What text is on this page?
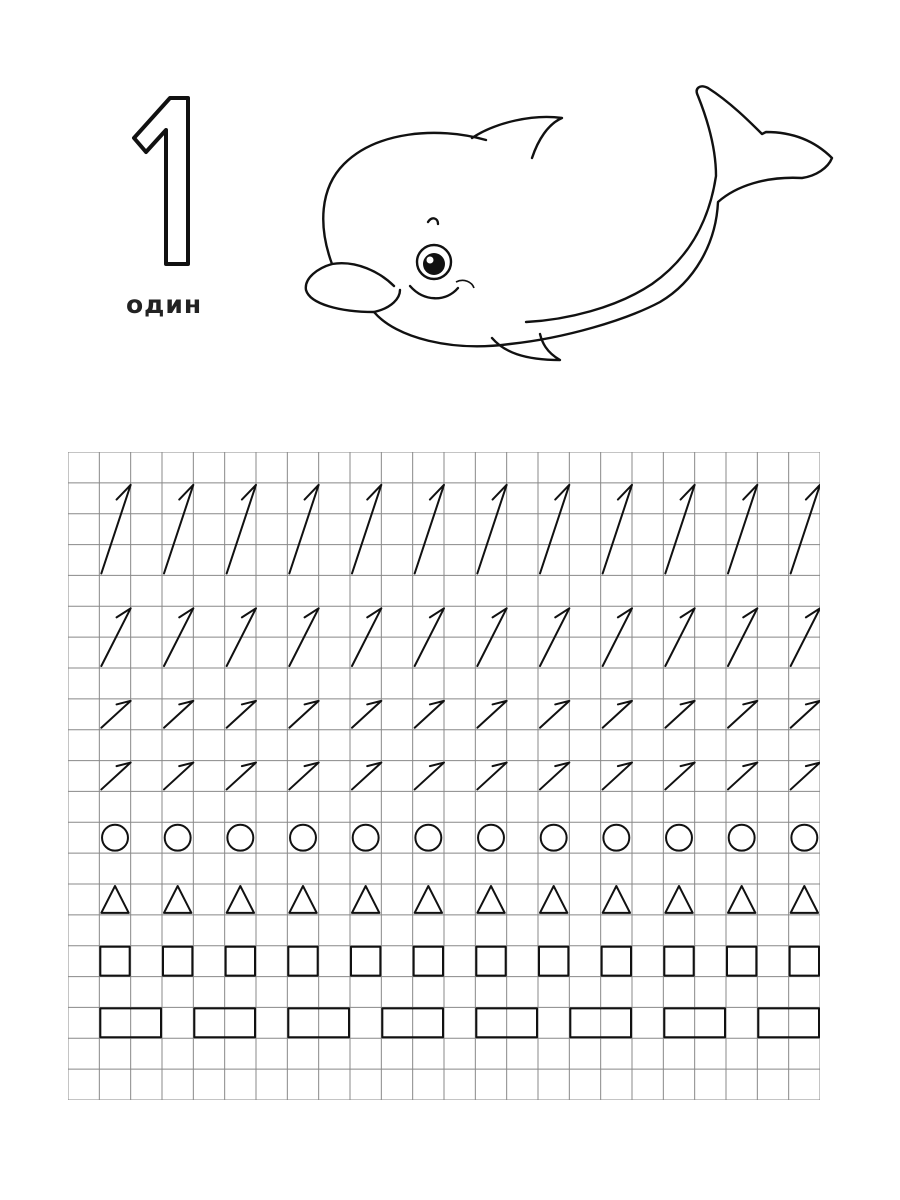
один
